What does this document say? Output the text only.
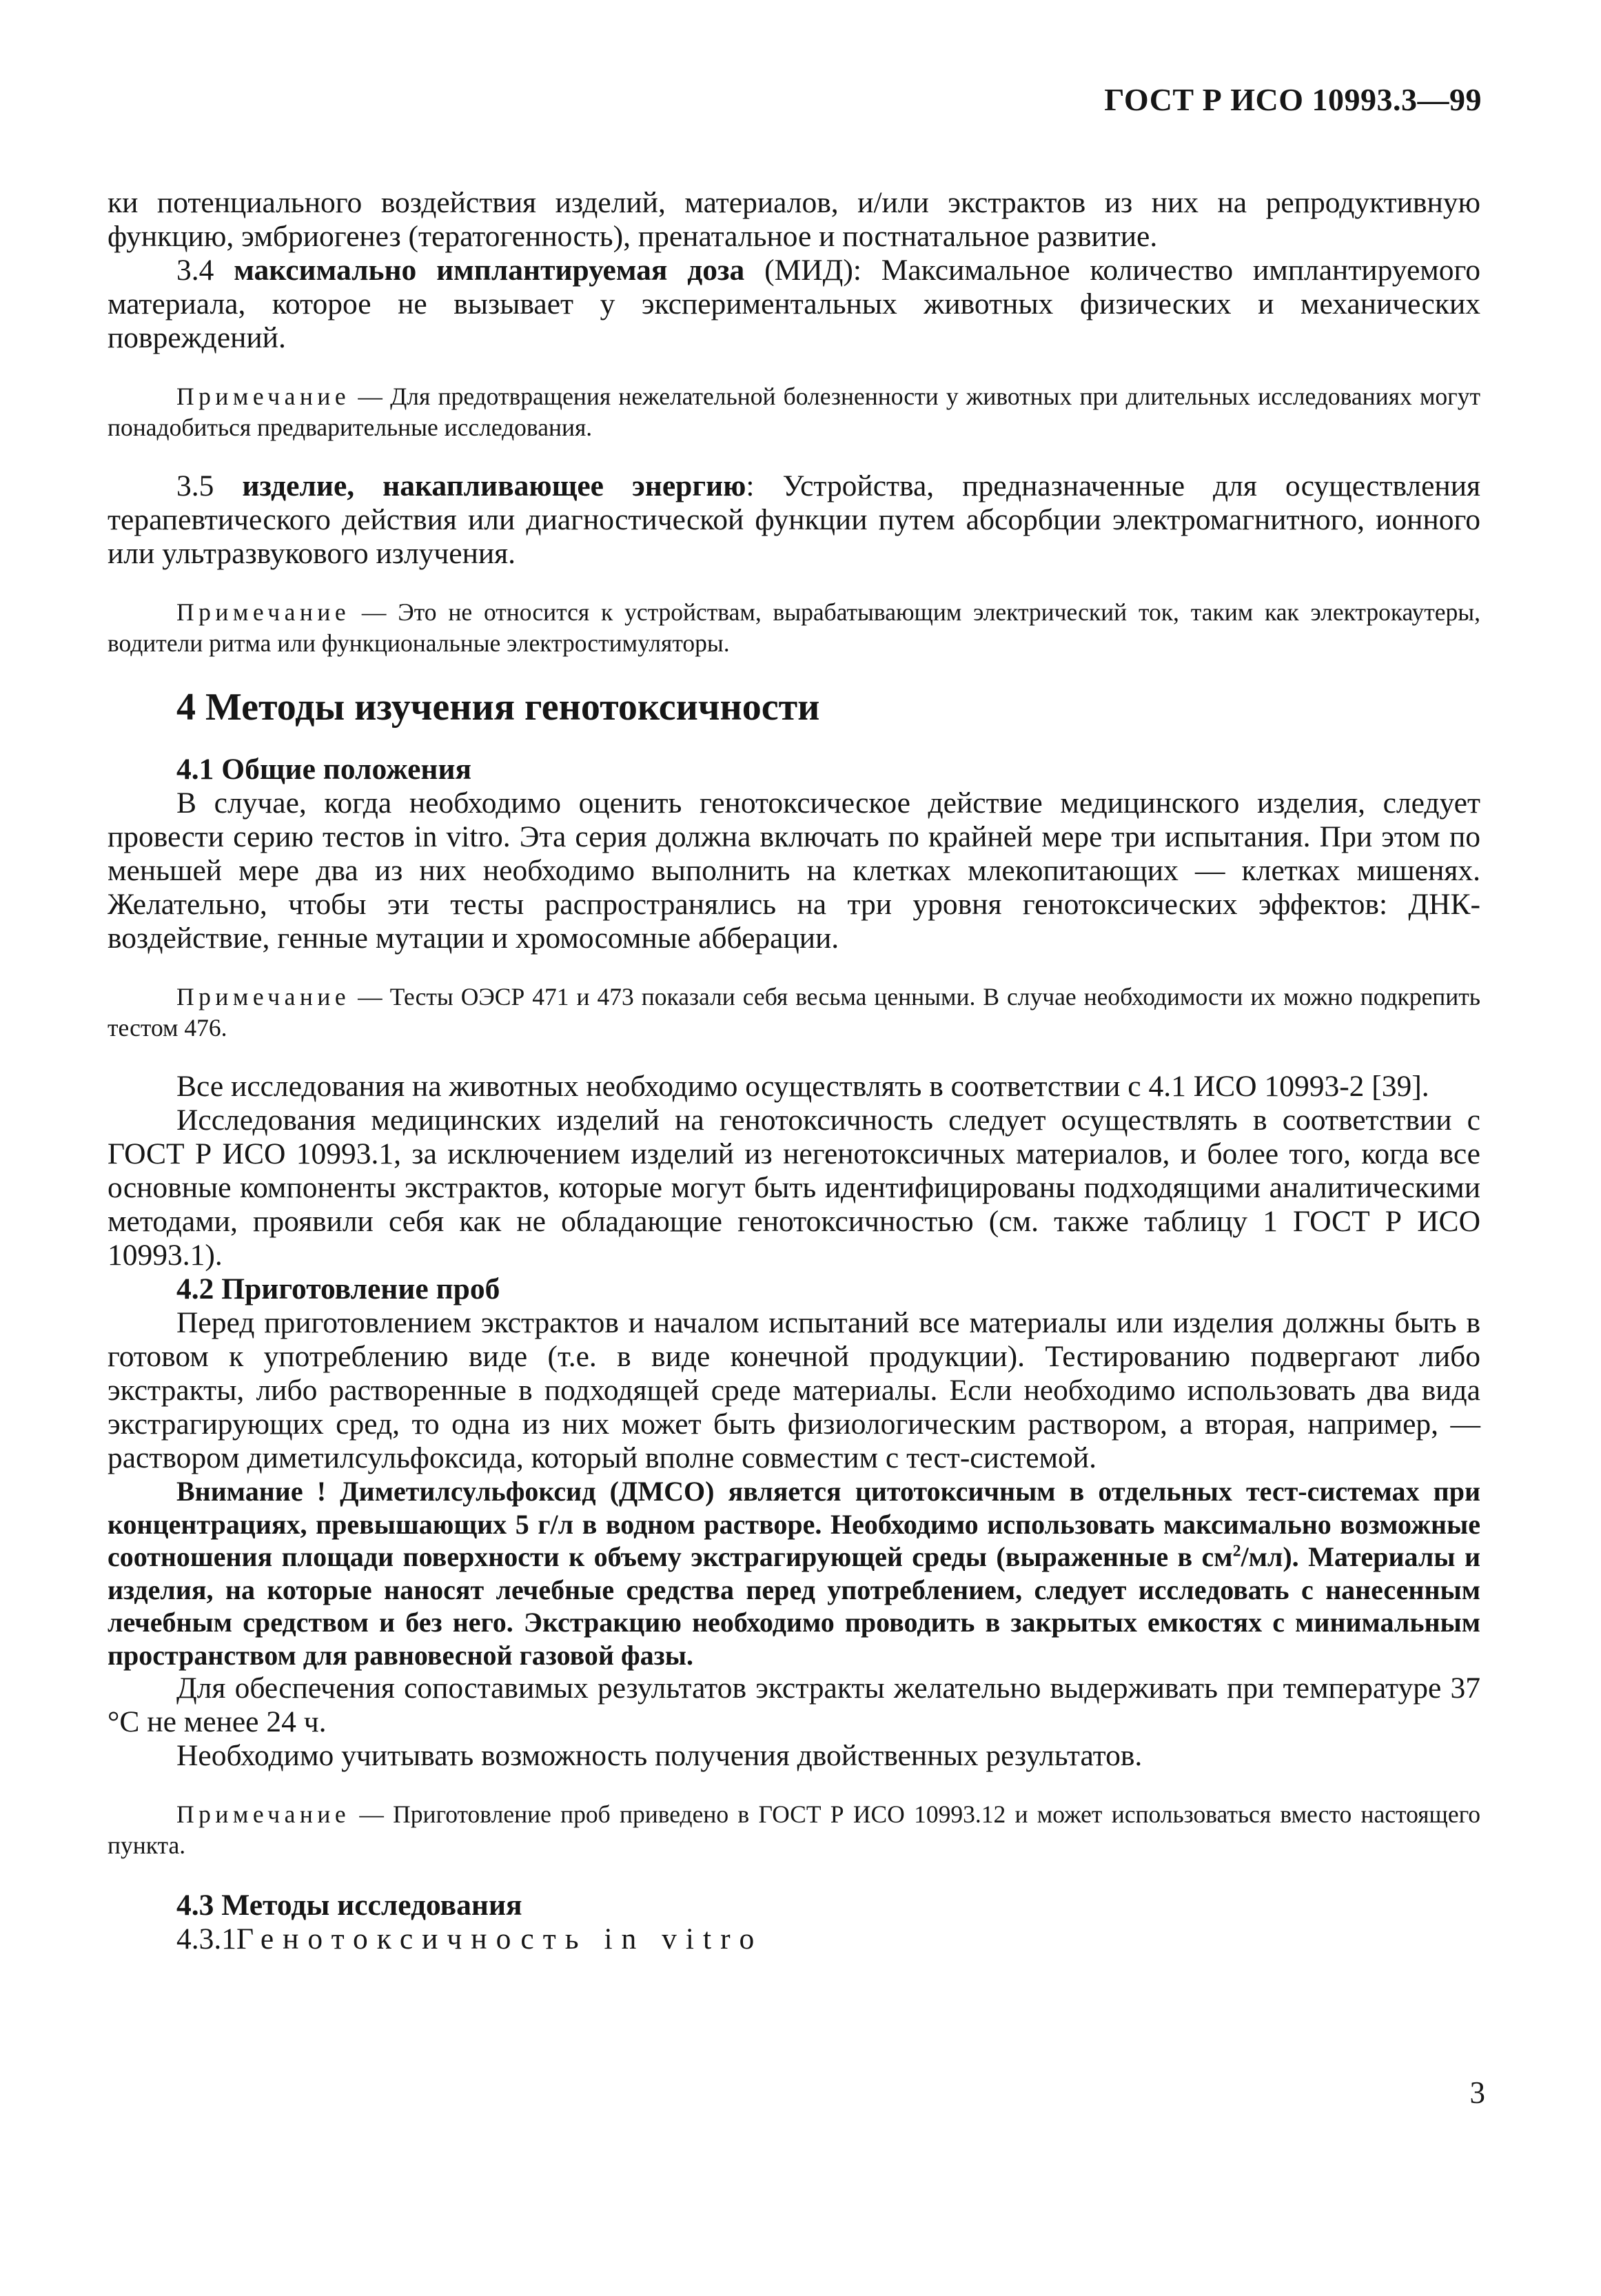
ГОСТ Р ИСО 10993.3—99

ки потенциального воздействия изделий, материалов, и/или экстрактов из них на репродуктивную функцию, эмбриогенез (тератогенность), пренатальное и постнатальное развитие.

3.4 максимально имплантируемая доза (МИД): Максимальное количество имплантируемого материала, которое не вызывает у экспериментальных животных физических и механических повреждений.

Примечание — Для предотвращения нежелательной болезненности у животных при длительных исследованиях могут понадобиться предварительные исследования.

3.5 изделие, накапливающее энергию: Устройства, предназначенные для осуществления терапевтического действия или диагностической функции путем абсорбции электромагнитного, ионного или ультразвукового излучения.

Примечание — Это не относится к устройствам, вырабатывающим электрический ток, таким как электрокаутеры, водители ритма или функциональные электростимуляторы.

4 Методы изучения генотоксичности

4.1 Общие положения

В случае, когда необходимо оценить генотоксическое действие медицинского изделия, следует провести серию тестов in vitro. Эта серия должна включать по крайней мере три испытания. При этом по меньшей мере два из них необходимо выполнить на клетках млекопитающих — клетках мишенях. Желательно, чтобы эти тесты распространялись на три уровня генотоксических эффектов: ДНК-воздействие, генные мутации и хромосомные абберации.

Примечание — Тесты ОЭСР 471 и 473 показали себя весьма ценными. В случае необходимости их можно подкрепить тестом 476.

Все исследования на животных необходимо осуществлять в соответствии с 4.1 ИСО 10993-2 [39].

Исследования медицинских изделий на генотоксичность следует осуществлять в соответствии с ГОСТ Р ИСО 10993.1, за исключением изделий из негенотоксичных материалов, и более того, когда все основные компоненты экстрактов, которые могут быть идентифицированы подходящими аналитическими методами, проявили себя как не обладающие генотоксичностью (см. также таблицу 1 ГОСТ Р ИСО 10993.1).

4.2 Приготовление проб

Перед приготовлением экстрактов и началом испытаний все материалы или изделия должны быть в готовом к употреблению виде (т.е. в виде конечной продукции). Тестированию подвергают либо экстракты, либо растворенные в подходящей среде материалы. Если необходимо использовать два вида экстрагирующих сред, то одна из них может быть физиологическим раствором, а вторая, например, — раствором диметилсульфоксида, который вполне совместим с тест-системой.

Внимание ! Диметилсульфоксид (ДМСО) является цитотоксичным в отдельных тест-системах при концентрациях, превышающих 5 г/л в водном растворе. Необходимо использовать максимально возможные соотношения площади поверхности к объему экстрагирующей среды (выраженные в $см^2/мл$). Материалы и изделия, на которые наносят лечебные средства перед употреблением, следует исследовать с нанесенным лечебным средством и без него. Экстракцию необходимо проводить в закрытых емкостях с минимальным пространством для равновесной газовой фазы.

Для обеспечения сопоставимых результатов экстракты желательно выдерживать при температуре 37 °С не менее 24 ч.

Необходимо учитывать возможность получения двойственных результатов.

Примечание — Приготовление проб приведено в ГОСТ Р ИСО 10993.12 и может использоваться вместо настоящего пункта.

4.3 Методы исследования

4.3.1Генотоксичность in vitro

3
